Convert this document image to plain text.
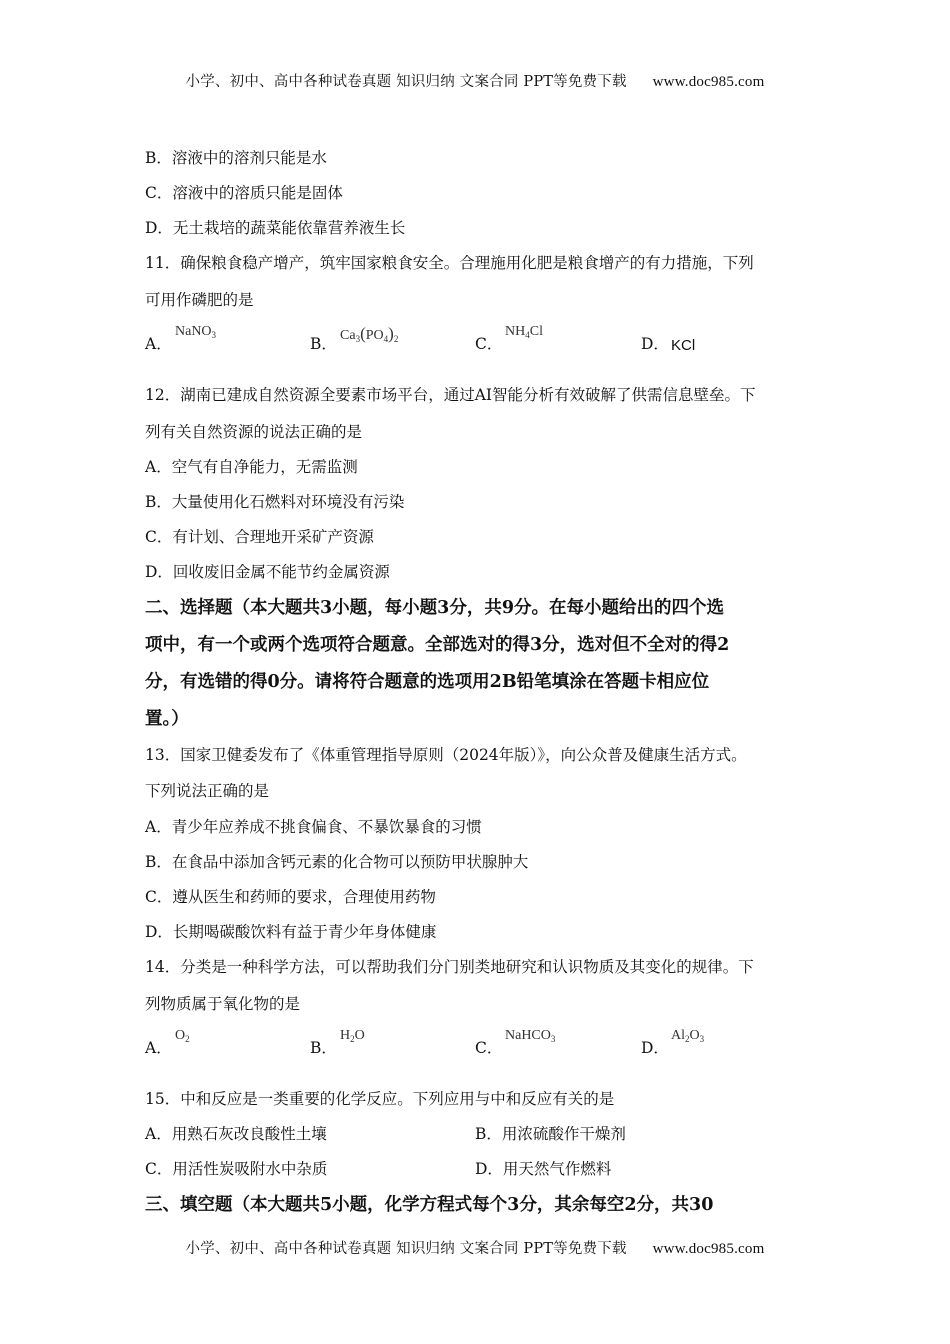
小学、初中、高中各种试卷真题 知识归纳 文案合同 PPT等免费下载 www.doc985.com
B．溶液中的溶剂只能是水
C．溶液中的溶质只能是固体
D．无土栽培的蔬菜能依靠营养液生长
11．确保粮食稳产增产，筑牢国家粮食安全。合理施用化肥是粮食增产的有力措施，下列
可用作磷肥的是
A．
NaNO$_3$	B． $Ca_3(PO_4)_2$	C．
$NH_4Cl$
D． KCl
12．湖南已建成自然资源全要素市场平台，通过AI智能分析有效破解了供需信息壁垒。下
列有关自然资源的说法正确的是
A．空气有自净能力，无需监测
B．大量使用化石燃料对环境没有污染
C．有计划、合理地开采矿产资源
D．回收废旧金属不能节约金属资源
二、选择题（本大题共3小题，每小题3分，共9分。在每小题给出的四个选
项中，有一个或两个选项符合题意。全部选对的得3分，选对但不全对的得2
分，有选错的得0分。请将符合题意的选项用2B铅笔填涂在答题卡相应位
置。）
13．国家卫健委发布了《体重管理指导原则（2024年版）》，向公众普及健康生活方式。
下列说法正确的是
A．青少年应养成不挑食偏食、不暴饮暴食的习惯
B．在食品中添加含钙元素的化合物可以预防甲状腺肿大
C．遵从医生和药师的要求，合理使用药物
D．长期喝碳酸饮料有益于青少年身体健康
14．分类是一种科学方法，可以帮助我们分门别类地研究和认识物质及其变化的规律。下
列物质属于氧化物的是
A．
$O_2$	B．
$H_2O$
C．
NaHCO$_3$	D．
$Al_2O_3$
15．中和反应是一类重要的化学反应。下列应用与中和反应有关的是
A．用熟石灰改良酸性土壤	B．用浓硫酸作干燥剂
C．用活性炭吸附水中杂质	D．用天然气作燃料
三、填空题（本大题共5小题，化学方程式每个3分，其余每空2分，共30
小学、初中、高中各种试卷真题 知识归纳 文案合同 PPT等免费下载 www.doc985.com
